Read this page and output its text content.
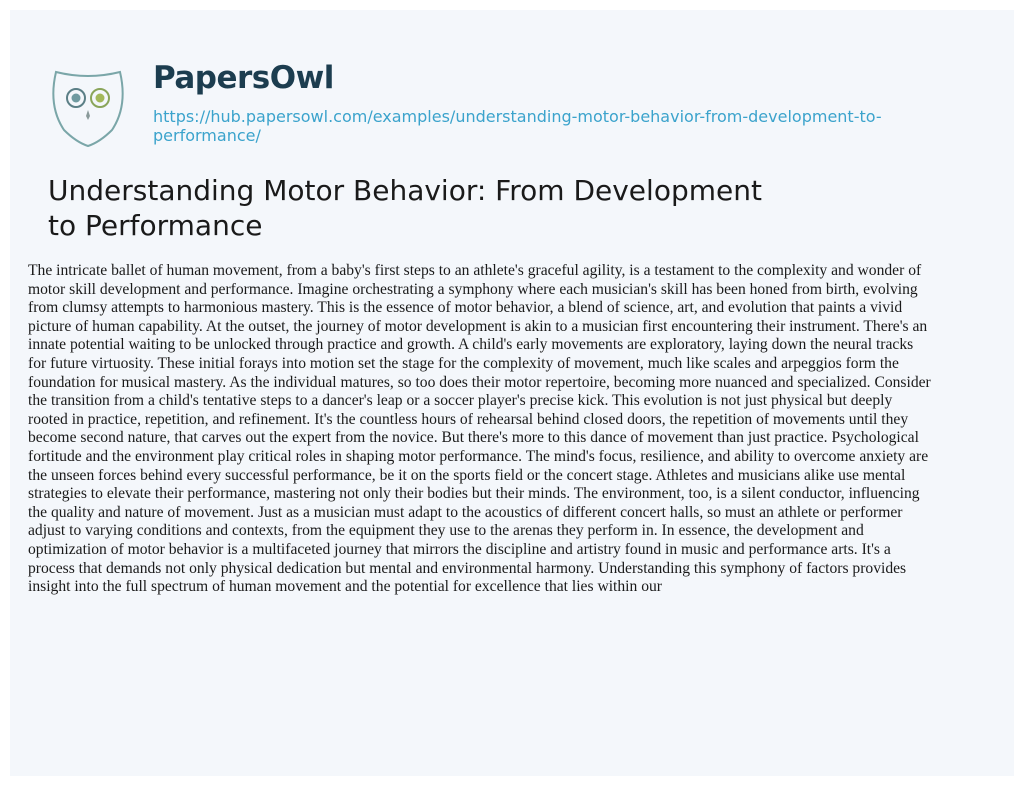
PapersOwl
https://hub.papersowl.com/examples/understanding-motor-behavior-from-development-to-
performance/
Understanding Motor Behavior: From Development
to Performance
The intricate ballet of human movement, from a baby's first steps to an athlete's graceful agility, is a testament to the complexity and wonder of
motor skill development and performance. Imagine orchestrating a symphony where each musician's skill has been honed from birth, evolving
from clumsy attempts to harmonious mastery. This is the essence of motor behavior, a blend of science, art, and evolution that paints a vivid
picture of human capability. At the outset, the journey of motor development is akin to a musician first encountering their instrument. There's an
innate potential waiting to be unlocked through practice and growth. A child's early movements are exploratory, laying down the neural tracks
for future virtuosity. These initial forays into motion set the stage for the complexity of movement, much like scales and arpeggios form the
foundation for musical mastery. As the individual matures, so too does their motor repertoire, becoming more nuanced and specialized. Consider
the transition from a child's tentative steps to a dancer's leap or a soccer player's precise kick. This evolution is not just physical but deeply
rooted in practice, repetition, and refinement. It's the countless hours of rehearsal behind closed doors, the repetition of movements until they
become second nature, that carves out the expert from the novice. But there's more to this dance of movement than just practice. Psychological
fortitude and the environment play critical roles in shaping motor performance. The mind's focus, resilience, and ability to overcome anxiety are
the unseen forces behind every successful performance, be it on the sports field or the concert stage. Athletes and musicians alike use mental
strategies to elevate their performance, mastering not only their bodies but their minds. The environment, too, is a silent conductor, influencing
the quality and nature of movement. Just as a musician must adapt to the acoustics of different concert halls, so must an athlete or performer
adjust to varying conditions and contexts, from the equipment they use to the arenas they perform in. In essence, the development and
optimization of motor behavior is a multifaceted journey that mirrors the discipline and artistry found in music and performance arts. It's a
process that demands not only physical dedication but mental and environmental harmony. Understanding this symphony of factors provides
insight into the full spectrum of human movement and the potential for excellence that lies within our
